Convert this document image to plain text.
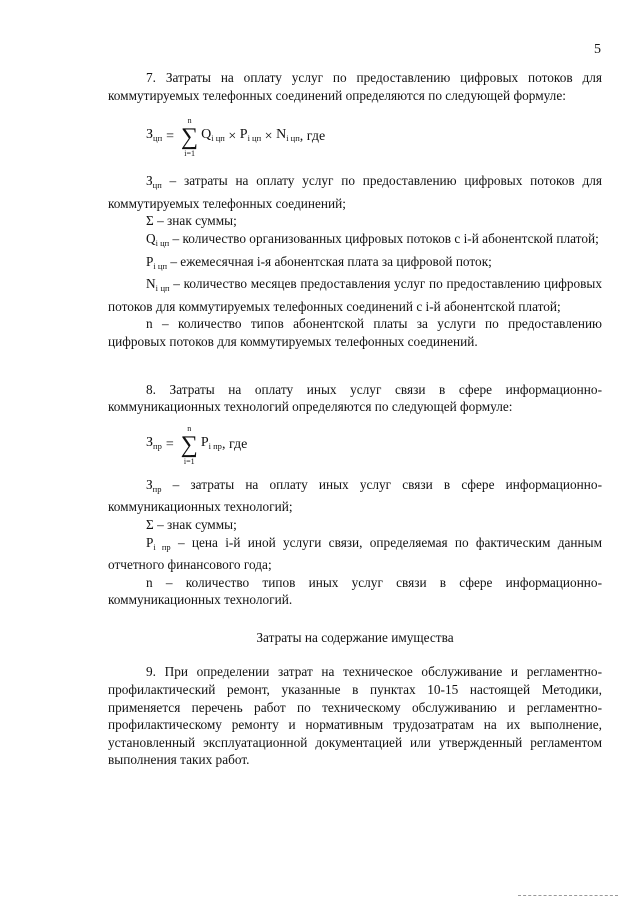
5

7. Затраты на оплату услуг по предоставлению цифровых потоков для коммутируемых телефонных соединений определяются по следующей формуле:

$З_{цп}$ =
n
∑
i=1
$Q_{i цп} \times P_{i цп} \times N_{i цп}$ , где

$З_{цп}$ – затраты на оплату услуг по предоставлению цифровых потоков для коммутируемых телефонных соединений;

Σ – знак суммы;

$Q_{i цп}$ – количество организованных цифровых потоков с i-й абонентской платой;

$P_{i цп}$ – ежемесячная i-я абонентская плата за цифровой поток;

$N_{i цп}$ – количество месяцев предоставления услуг по предоставлению цифровых потоков для коммутируемых телефонных соединений с i-й абонентской платой;

n – количество типов абонентской платы за услуги по предоставлению цифровых потоков для коммутируемых телефонных соединений.

8. Затраты на оплату иных услуг связи в сфере информационно-коммуникационных технологий определяются по следующей формуле:

$З_{пр}$ =
n
∑
i=1
$P_{i пр}$ , где

$З_{пр}$ – затраты на оплату иных услуг связи в сфере информационно-коммуникационных технологий;

Σ – знак суммы;

$P_{i пр}$ – цена i-й иной услуги связи, определяемая по фактическим данным отчетного финансового года;

n – количество типов иных услуг связи в сфере информационно-коммуникационных технологий.

Затраты на содержание имущества

9. При определении затрат на техническое обслуживание и регламентно-профилактический ремонт, указанные в пунктах 10-15 настоящей Методики, применяется перечень работ по техническому обслуживанию и регламентно-профилактическому ремонту и нормативным трудозатратам на их выполнение, установленный эксплуатационной документацией или утвержденный регламентом выполнения таких работ.
